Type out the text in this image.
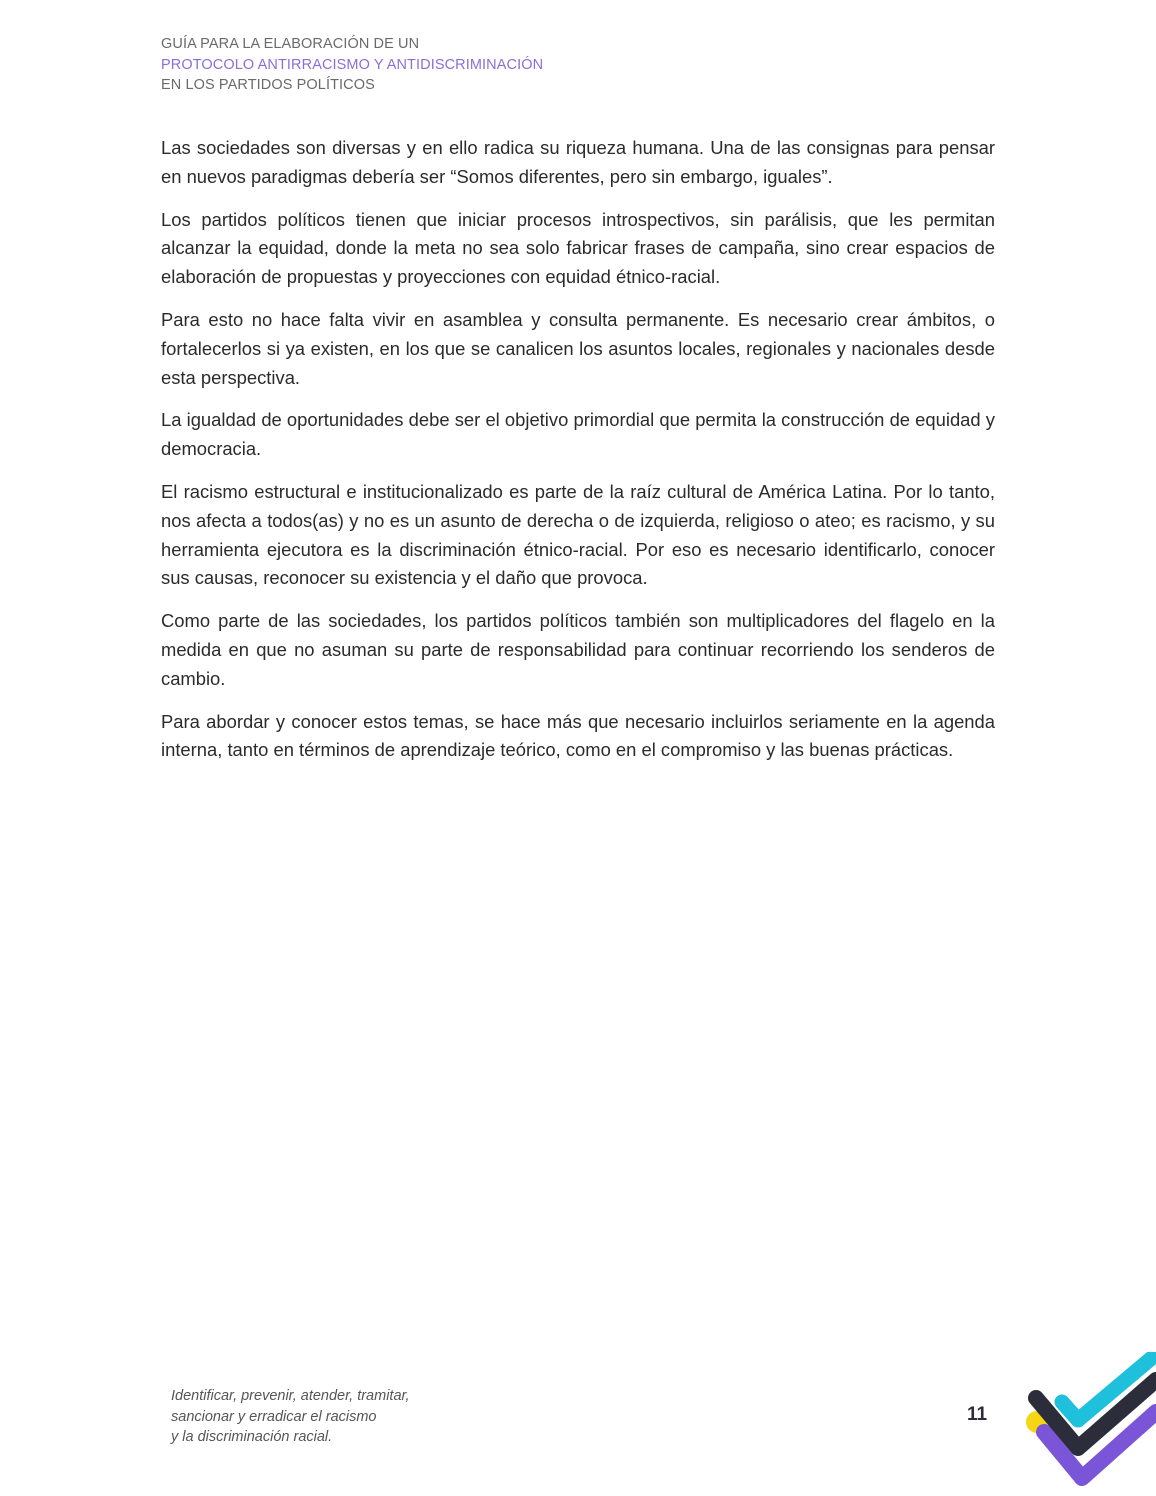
GUÍA PARA LA ELABORACIÓN DE UN
PROTOCOLO ANTIRRACISMO Y ANTIDISCRIMINACIÓN
EN LOS PARTIDOS POLÍTICOS

Las sociedades son diversas y en ello radica su riqueza humana. Una de las consignas para pensar en nuevos paradigmas debería ser “Somos diferentes, pero sin embargo, iguales”.

Los partidos políticos tienen que iniciar procesos introspectivos, sin parálisis, que les permitan alcanzar la equidad, donde la meta no sea solo fabricar frases de campaña, sino crear espacios de elaboración de propuestas y proyecciones con equidad étnico-racial.

Para esto no hace falta vivir en asamblea y consulta permanente. Es necesario crear ámbitos, o fortalecerlos si ya existen, en los que se canalicen los asuntos locales, regionales y nacionales desde esta perspectiva.

La igualdad de oportunidades debe ser el objetivo primordial que permita la construcción de equidad y democracia.

El racismo estructural e institucionalizado es parte de la raíz cultural de América Latina. Por lo tanto, nos afecta a todos(as) y no es un asunto de derecha o de izquierda, religioso o ateo; es racismo, y su herramienta ejecutora es la discriminación étnico-racial. Por eso es necesario identificarlo, conocer sus causas, reconocer su existencia y el daño que provoca.

Como parte de las sociedades, los partidos políticos también son multiplicadores del flagelo en la medida en que no asuman su parte de responsabilidad para continuar recorriendo los senderos de cambio.

Para abordar y conocer estos temas, se hace más que necesario incluirlos seriamente en la agenda interna, tanto en términos de aprendizaje teórico, como en el compromiso y las buenas prácticas.

Identificar, prevenir, atender, tramitar,
sancionar y erradicar el racismo
y la discriminación racial.
11
